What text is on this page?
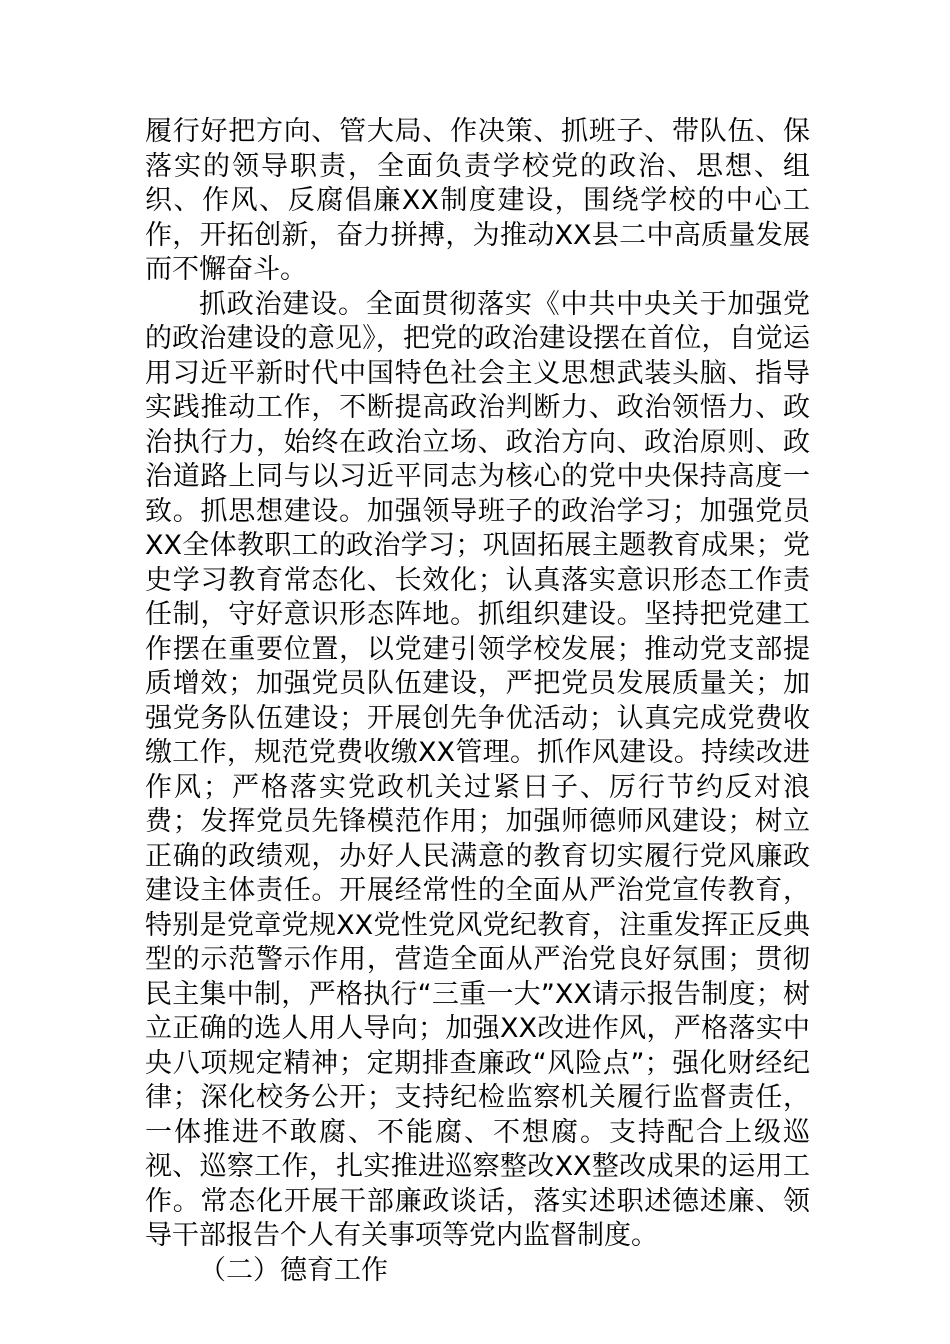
履行好把方向、管大局、作决策、抓班子、带队伍、保落实的领导职责，全面负责学校党的政治、思想、组织、作风、反腐倡廉XX制度建设，围绕学校的中心工作，开拓创新，奋力拼搏，为推动XX县二中高质量发展而不懈奋斗。

抓政治建设。全面贯彻落实《中共中央关于加强党的政治建设的意见》，把党的政治建设摆在首位，自觉运用习近平新时代中国特色社会主义思想武装头脑、指导实践推动工作，不断提高政治判断力、政治领悟力、政治执行力，始终在政治立场、政治方向、政治原则、政治道路上同与以习近平同志为核心的党中央保持高度一致。抓思想建设。加强领导班子的政治学习；加强党员XX全体教职工的政治学习；巩固拓展主题教育成果；党史学习教育常态化、长效化；认真落实意识形态工作责任制，守好意识形态阵地。抓组织建设。坚持把党建工作摆在重要位置，以党建引领学校发展；推动党支部提质增效；加强党员队伍建设，严把党员发展质量关；加强党务队伍建设；开展创先争优活动；认真完成党费收缴工作，规范党费收缴XX管理。抓作风建设。持续改进作风；严格落实党政机关过紧日子、厉行节约反对浪费；发挥党员先锋模范作用；加强师德师风建设；树立正确的政绩观，办好人民满意的教育切实履行党风廉政建设主体责任。开展经常性的全面从严治党宣传教育，特别是党章党规XX党性党风党纪教育，注重发挥正反典型的示范警示作用，营造全面从严治党良好氛围；贯彻民主集中制，严格执行“三重一大”XX请示报告制度；树立正确的选人用人导向；加强XX改进作风，严格落实中央八项规定精神；定期排查廉政“风险点”；强化财经纪律；深化校务公开；支持纪检监察机关履行监督责任，一体推进不敢腐、不能腐、不想腐。支持配合上级巡视、巡察工作，扎实推进巡察整改XX整改成果的运用工作。常态化开展干部廉政谈话，落实述职述德述廉、领导干部报告个人有关事项等党内监督制度。

（二）德育工作
